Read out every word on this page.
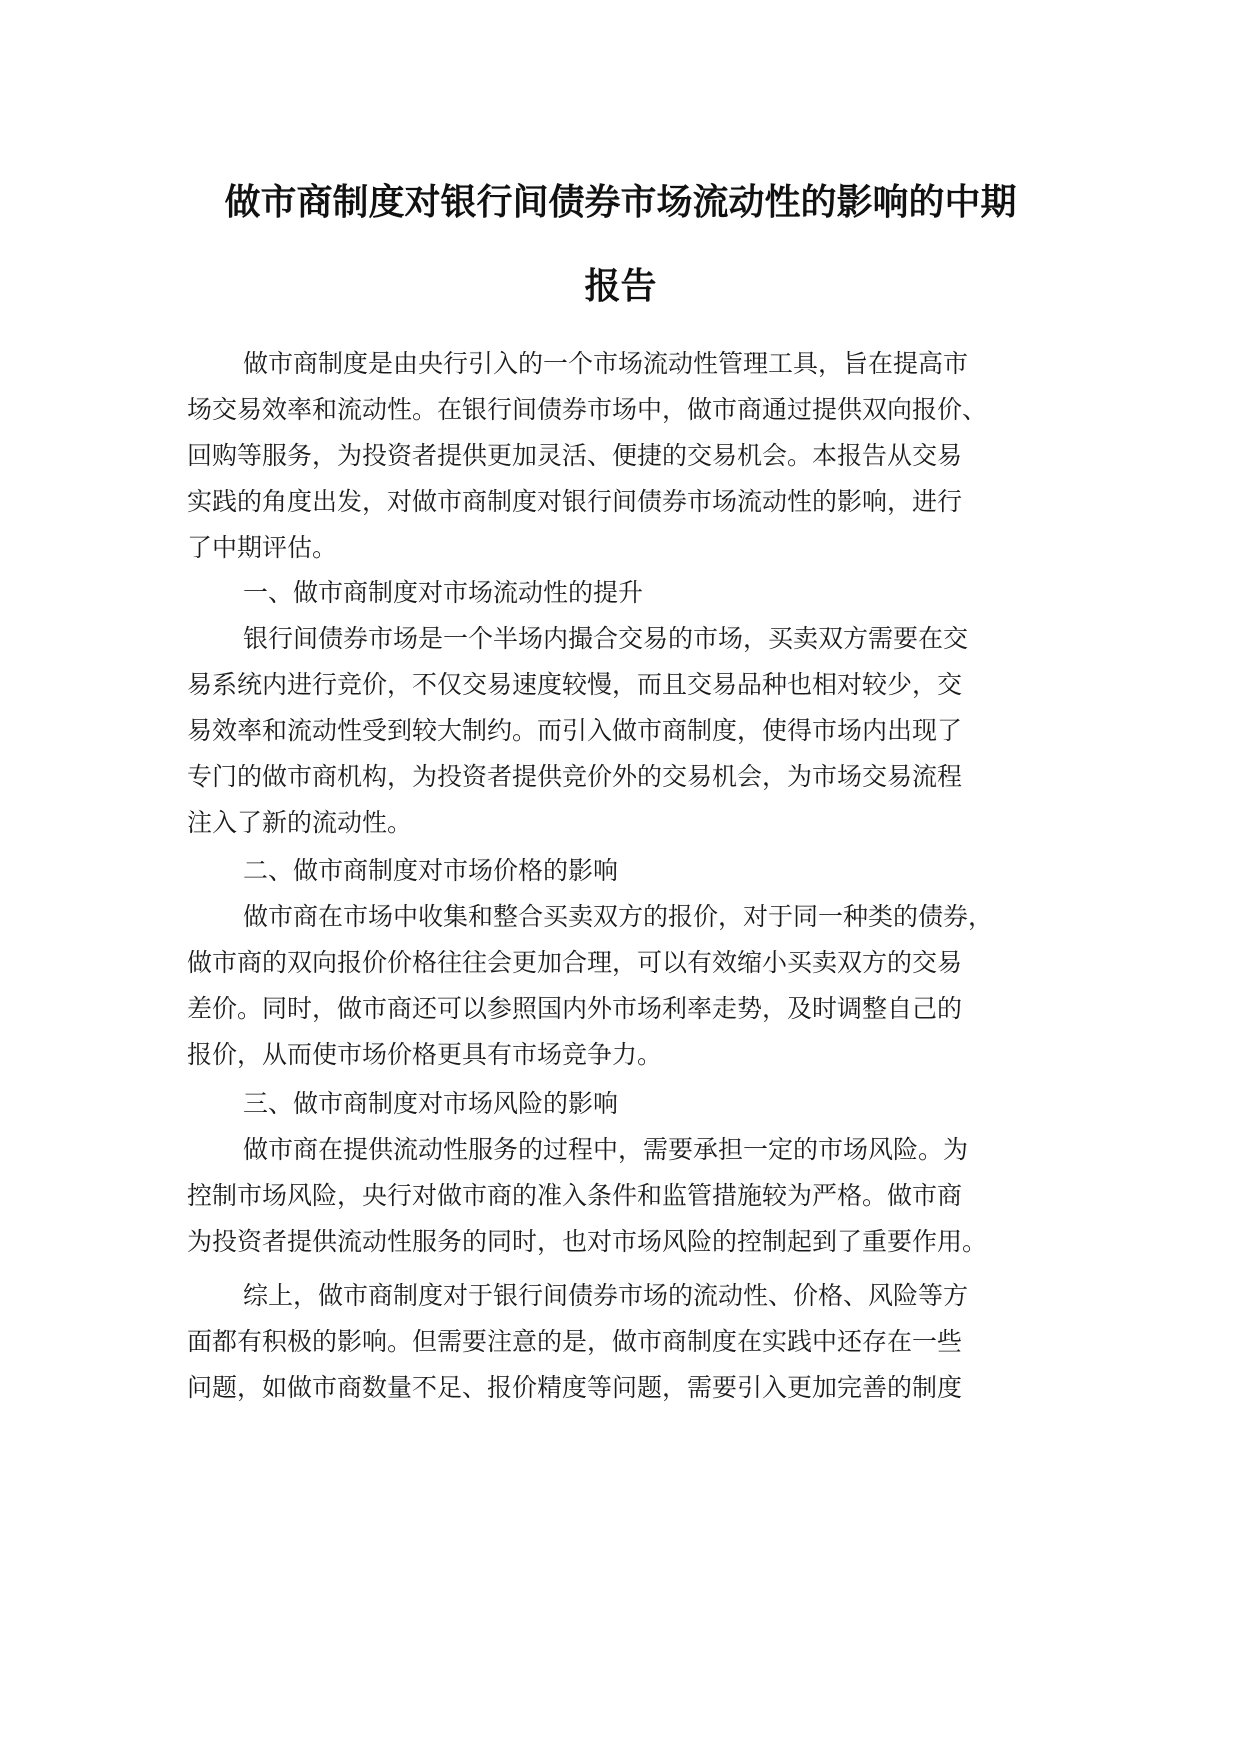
做市商制度对银行间债券市场流动性的影响的中期
报告

做市商制度是由央行引入的一个市场流动性管理工具，旨在提高市
场交易效率和流动性。在银行间债券市场中，做市商通过提供双向报价、
回购等服务，为投资者提供更加灵活、便捷的交易机会。本报告从交易
实践的角度出发，对做市商制度对银行间债券市场流动性的影响，进行
了中期评估。

一、做市商制度对市场流动性的提升

银行间债券市场是一个半场内撮合交易的市场，买卖双方需要在交
易系统内进行竞价，不仅交易速度较慢，而且交易品种也相对较少，交
易效率和流动性受到较大制约。而引入做市商制度，使得市场内出现了
专门的做市商机构，为投资者提供竞价外的交易机会，为市场交易流程
注入了新的流动性。

二、做市商制度对市场价格的影响

做市商在市场中收集和整合买卖双方的报价，对于同一种类的债券，
做市商的双向报价价格往往会更加合理，可以有效缩小买卖双方的交易
差价。同时，做市商还可以参照国内外市场利率走势，及时调整自己的
报价，从而使市场价格更具有市场竞争力。

三、做市商制度对市场风险的影响

做市商在提供流动性服务的过程中，需要承担一定的市场风险。为
控制市场风险，央行对做市商的准入条件和监管措施较为严格。做市商
为投资者提供流动性服务的同时，也对市场风险的控制起到了重要作用。

综上，做市商制度对于银行间债券市场的流动性、价格、风险等方
面都有积极的影响。但需要注意的是，做市商制度在实践中还存在一些
问题，如做市商数量不足、报价精度等问题，需要引入更加完善的制度
